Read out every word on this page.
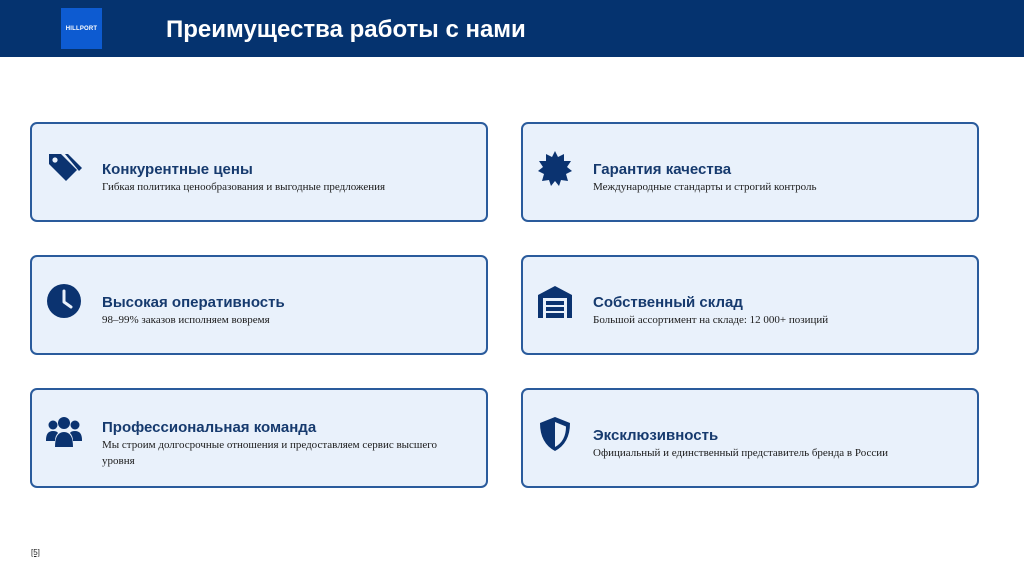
HILLPORT	Преимущества работы с нами
Конкурентные цены
Гибкая политика ценообразования и выгодные предложения
Гарантия качества
Международные стандарты и строгий контроль
Высокая оперативность
98–99% заказов исполняем вовремя
Собственный склад
Большой ассортимент на складе: 12 000+ позиций
Профессиональная команда
Мы строим долгосрочные отношения и предоставляем сервис высшего уровня
Эксклюзивность
Официальный и единственный представитель бренда в России
[5]
